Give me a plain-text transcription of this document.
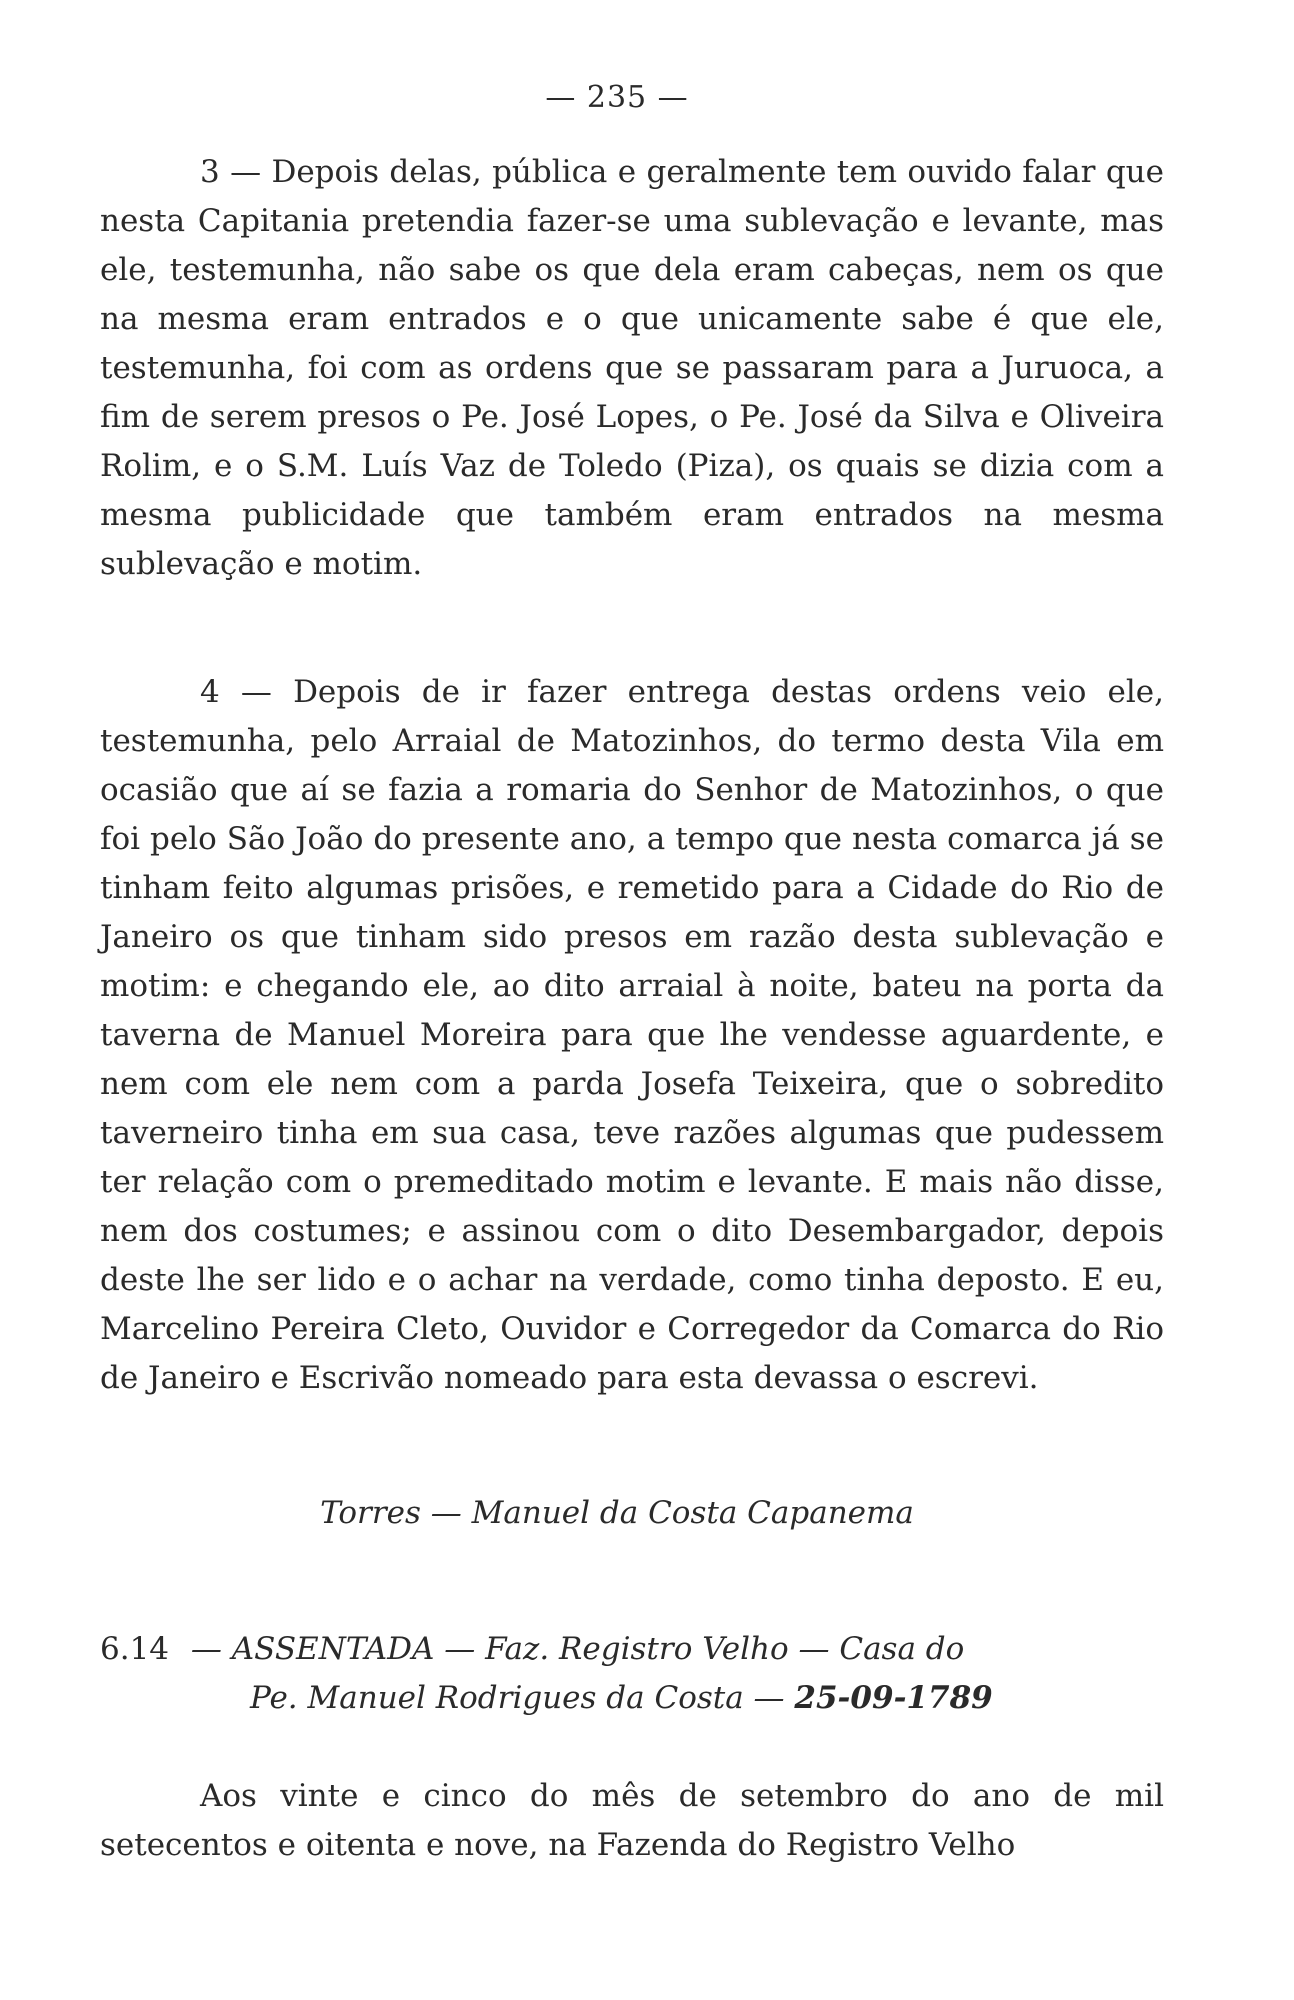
— 235 —

3 — Depois delas, pública e geralmente tem ouvido falar que nesta Capitania pretendia fazer-se uma sublevação e levante, mas ele, testemunha, não sabe os que dela eram cabeças, nem os que na mesma eram entrados e o que unicamente sabe é que ele, testemunha, foi com as ordens que se passaram para a Juruoca, a fim de serem presos o Pe. José Lopes, o Pe. José da Silva e Oliveira Rolim, e o S.M. Luís Vaz de Toledo (Piza), os quais se dizia com a mesma publicidade que também eram entrados na mesma sublevação e motim.

4 — Depois de ir fazer entrega destas ordens veio ele, testemunha, pelo Arraial de Matozinhos, do termo desta Vila em ocasião que aí se fazia a romaria do Senhor de Matozinhos, o que foi pelo São João do presente ano, a tempo que nesta comarca já se tinham feito algumas prisões, e remetido para a Cidade do Rio de Janeiro os que tinham sido presos em razão desta sublevação e motim: e chegando ele, ao dito arraial à noite, bateu na porta da taverna de Manuel Moreira para que lhe vendesse aguardente, e nem com ele nem com a parda Josefa Teixeira, que o sobredito taverneiro tinha em sua casa, teve razões algumas que pudessem ter relação com o premeditado motim e levante. E mais não disse, nem dos costumes; e assinou com o dito Desembargador, depois deste lhe ser lido e o achar na verdade, como tinha deposto. E eu, Marcelino Pereira Cleto, Ouvidor e Corregedor da Comarca do Rio de Janeiro e Escrivão nomeado para esta devassa o escrevi.

Torres — Manuel da Costa Capanema
6.14 — ASSENTADA — Faz. Registro Velho — Casa do
Pe. Manuel Rodrigues da Costa — 25-09-1789

Aos vinte e cinco do mês de setembro do ano de mil setecentos e oitenta e nove, na Fazenda do Registro Velho
